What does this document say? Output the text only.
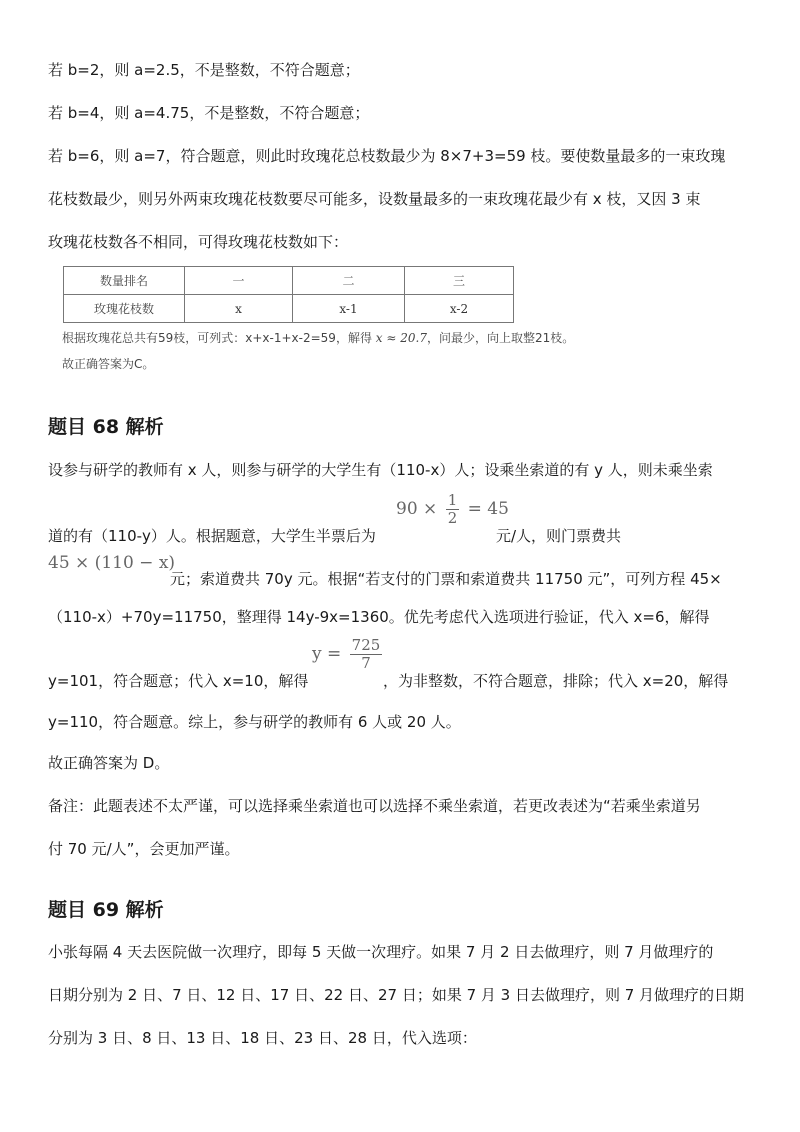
若 b=2，则 a=2.5，不是整数，不符合题意；
若 b=4，则 a=4.75，不是整数，不符合题意；
若 b=6，则 a=7，符合题意，则此时玫瑰花总枝数最少为 8×7+3=59 枝。要使数量最多的一束玫瑰
花枝数最少，则另外两束玫瑰花枝数要尽可能多，设数量最多的一束玫瑰花最少有 x 枝，又因 3 束
玫瑰花枝数各不相同，可得玫瑰花枝数如下：
数量排名	一	二	三
玫瑰花枝数	x	x-1	x-2
根据玫瑰花总共有59枝，可列式：x+x-1+x-2=59，解得 x ≈ 20.7，问最少，向上取整21枝。
故正确答案为C。
题目 68 解析
设参与研学的教师有 x 人，则参与研学的大学生有（110-x）人；设乘坐索道的有 y 人，则未乘坐索
$90 \times \frac{1}{2} = 45$
道的有（110-y）人。根据题意，大学生半票后为	元/人，则门票费共
45 × (110 − x)
元；索道费共 70y 元。根据“若支付的门票和索道费共 11750 元”，可列方程 45×
（110-x）+70y=11750，整理得 14y-9x=1360。优先考虑代入选项进行验证，代入 x=6，解得
$y = \frac{725}{7}$
y=101，符合题意；代入 x=10，解得	，为非整数，不符合题意，排除；代入 x=20，解得
y=110，符合题意。综上，参与研学的教师有 6 人或 20 人。
故正确答案为 D。
备注：此题表述不太严谨，可以选择乘坐索道也可以选择不乘坐索道，若更改表述为“若乘坐索道另
付 70 元/人”，会更加严谨。
题目 69 解析
小张每隔 4 天去医院做一次理疗，即每 5 天做一次理疗。如果 7 月 2 日去做理疗，则 7 月做理疗的
日期分别为 2 日、7 日、12 日、17 日、22 日、27 日；如果 7 月 3 日去做理疗，则 7 月做理疗的日期
分别为 3 日、8 日、13 日、18 日、23 日、28 日，代入选项：
